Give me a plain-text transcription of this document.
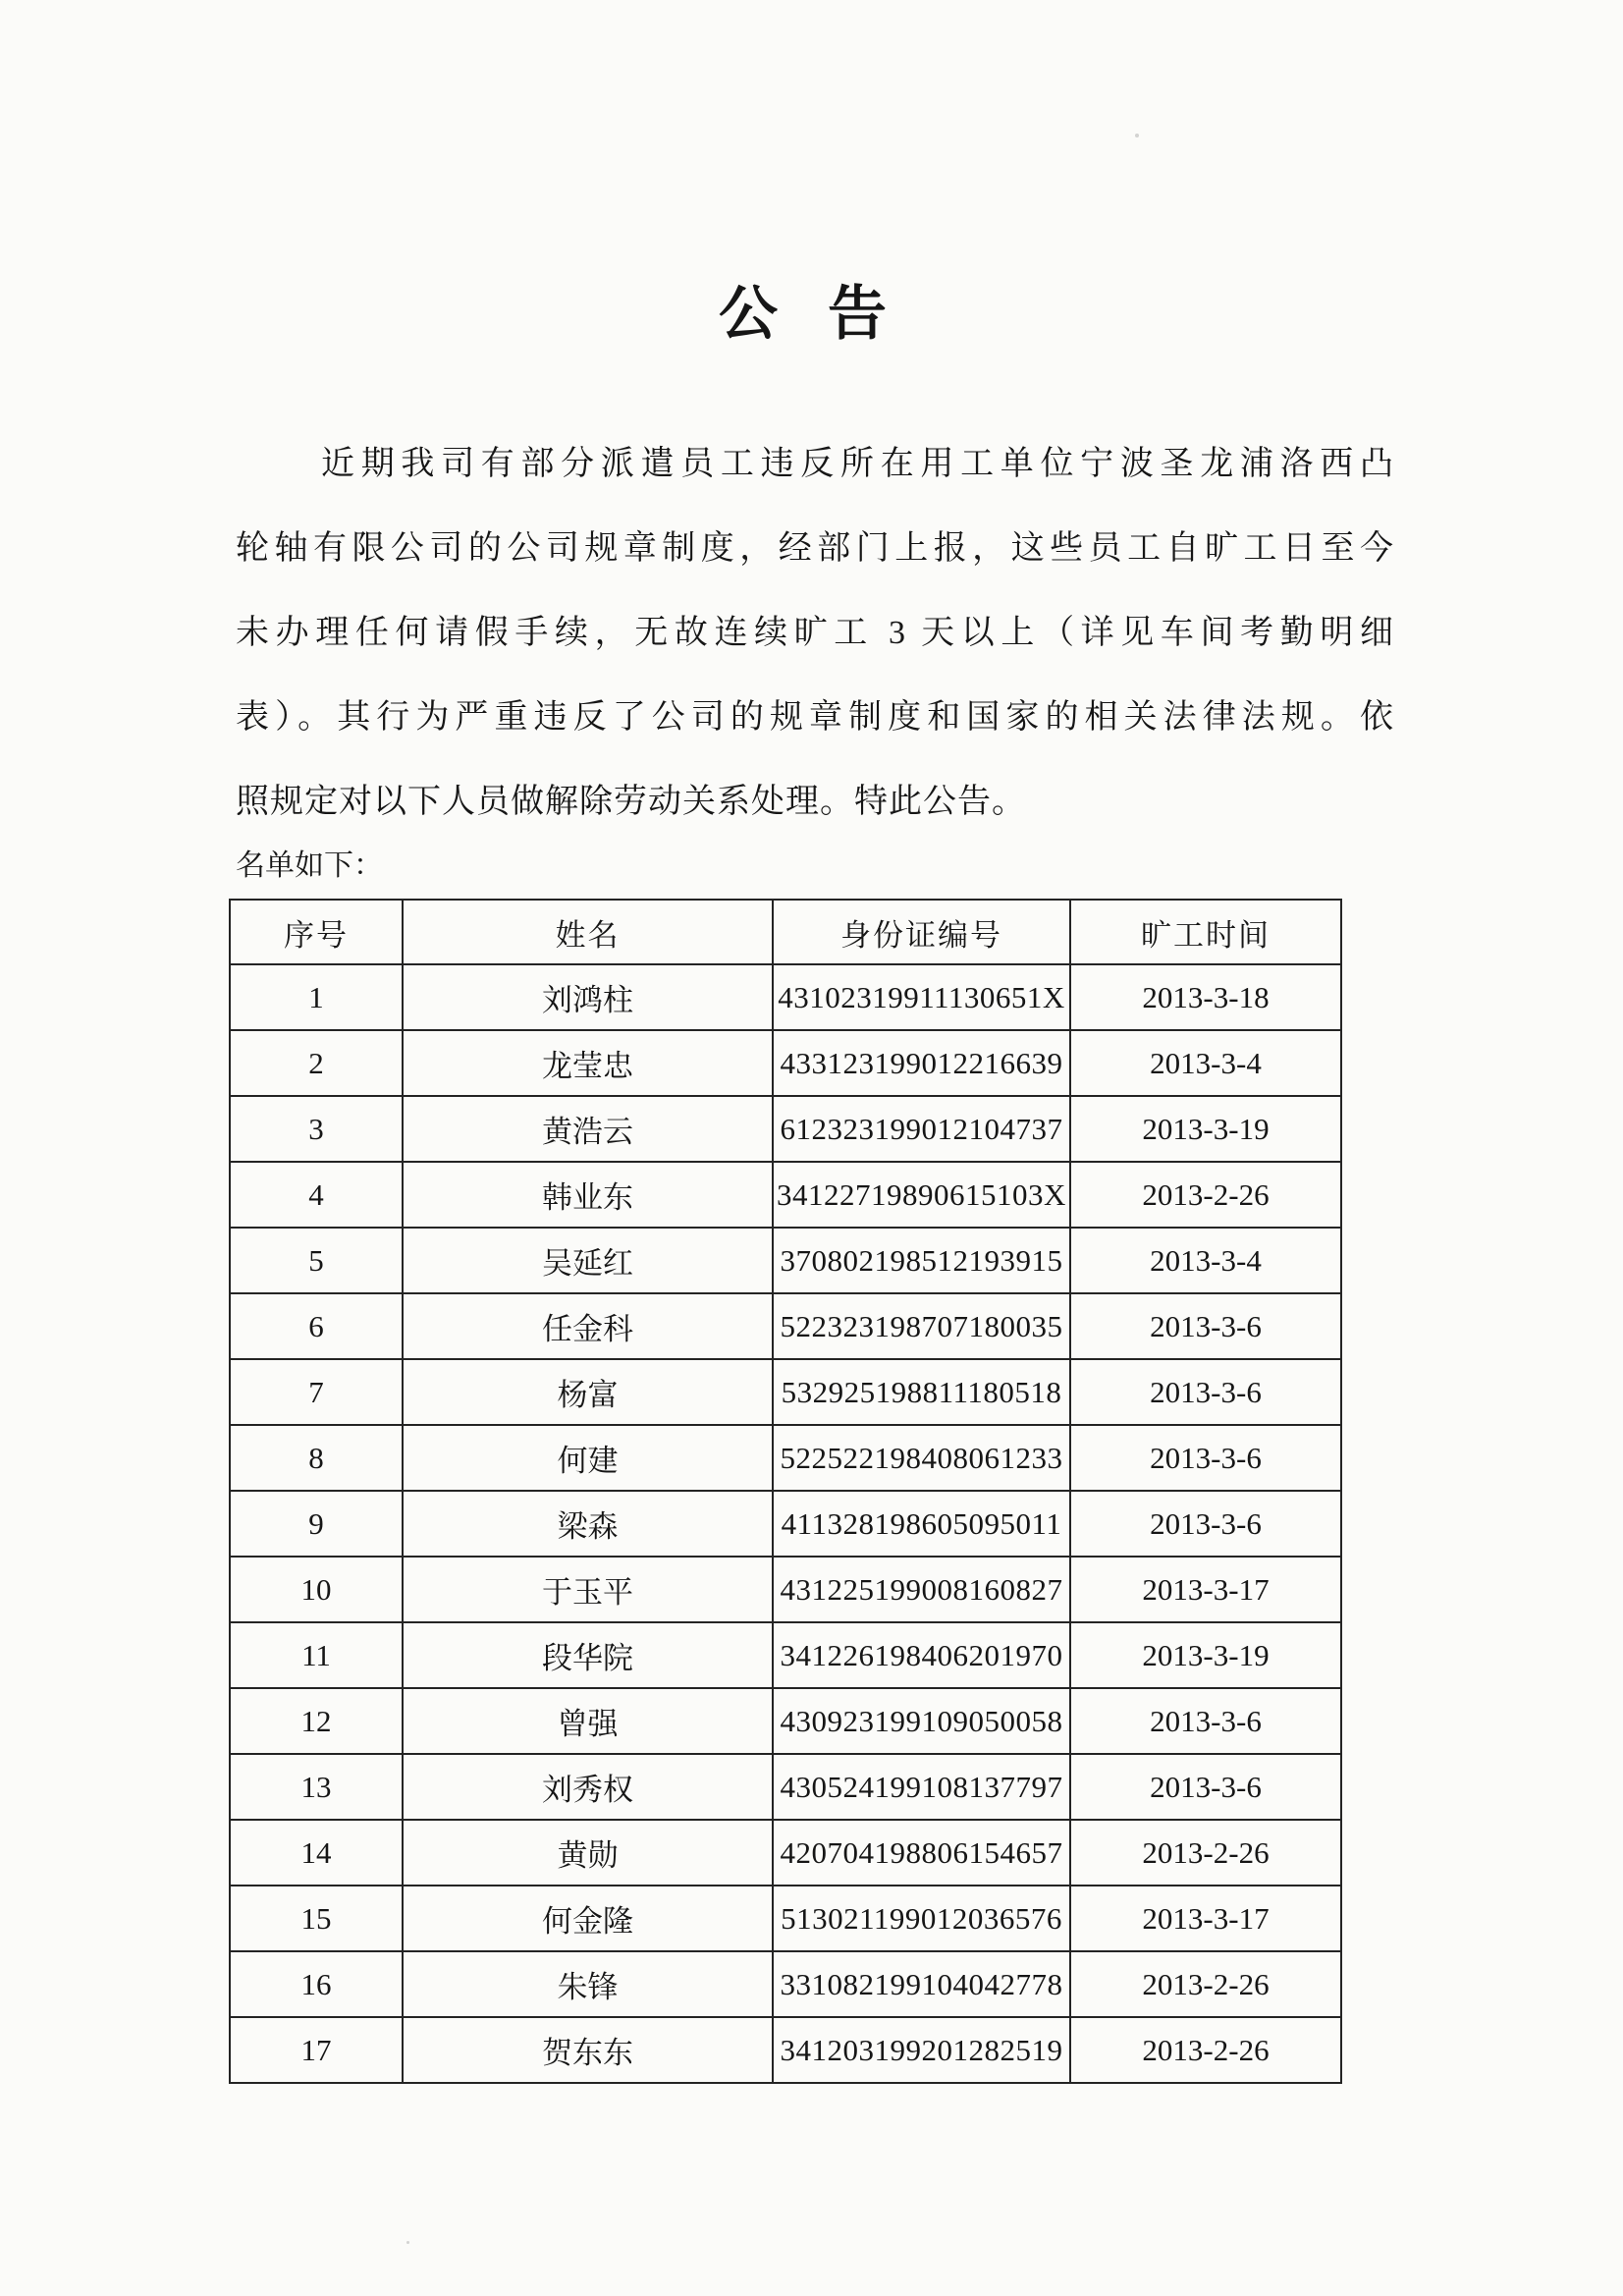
公 告
近期我司有部分派遣员工违反所在用工单位宁波圣龙浦洛西凸
轮轴有限公司的公司规章制度，经部门上报，这些员工自旷工日至今
未办理任何请假手续，无故连续旷工 3 天以上（详见车间考勤明细
表）。其行为严重违反了公司的规章制度和国家的相关法律法规。依
照规定对以下人员做解除劳动关系处理。特此公告。
名单如下：
序号	姓名	身份证编号	旷工时间
1	刘鸿柱	43102319911130651X	2013-3-18
2	龙莹忠	433123199012216639	2013-3-4
3	黄浩云	612323199012104737	2013-3-19
4	韩业东	34122719890615103X	2013-2-26
5	吴延红	370802198512193915	2013-3-4
6	任金科	522323198707180035	2013-3-6
7	杨富	532925198811180518	2013-3-6
8	何建	522522198408061233	2013-3-6
9	梁森	411328198605095011	2013-3-6
10	于玉平	431225199008160827	2013-3-17
11	段华院	341226198406201970	2013-3-19
12	曾强	430923199109050058	2013-3-6
13	刘秀权	430524199108137797	2013-3-6
14	黄勋	420704198806154657	2013-2-26
15	何金隆	513021199012036576	2013-3-17
16	朱锋	331082199104042778	2013-2-26
17	贺东东	341203199201282519	2013-2-26
